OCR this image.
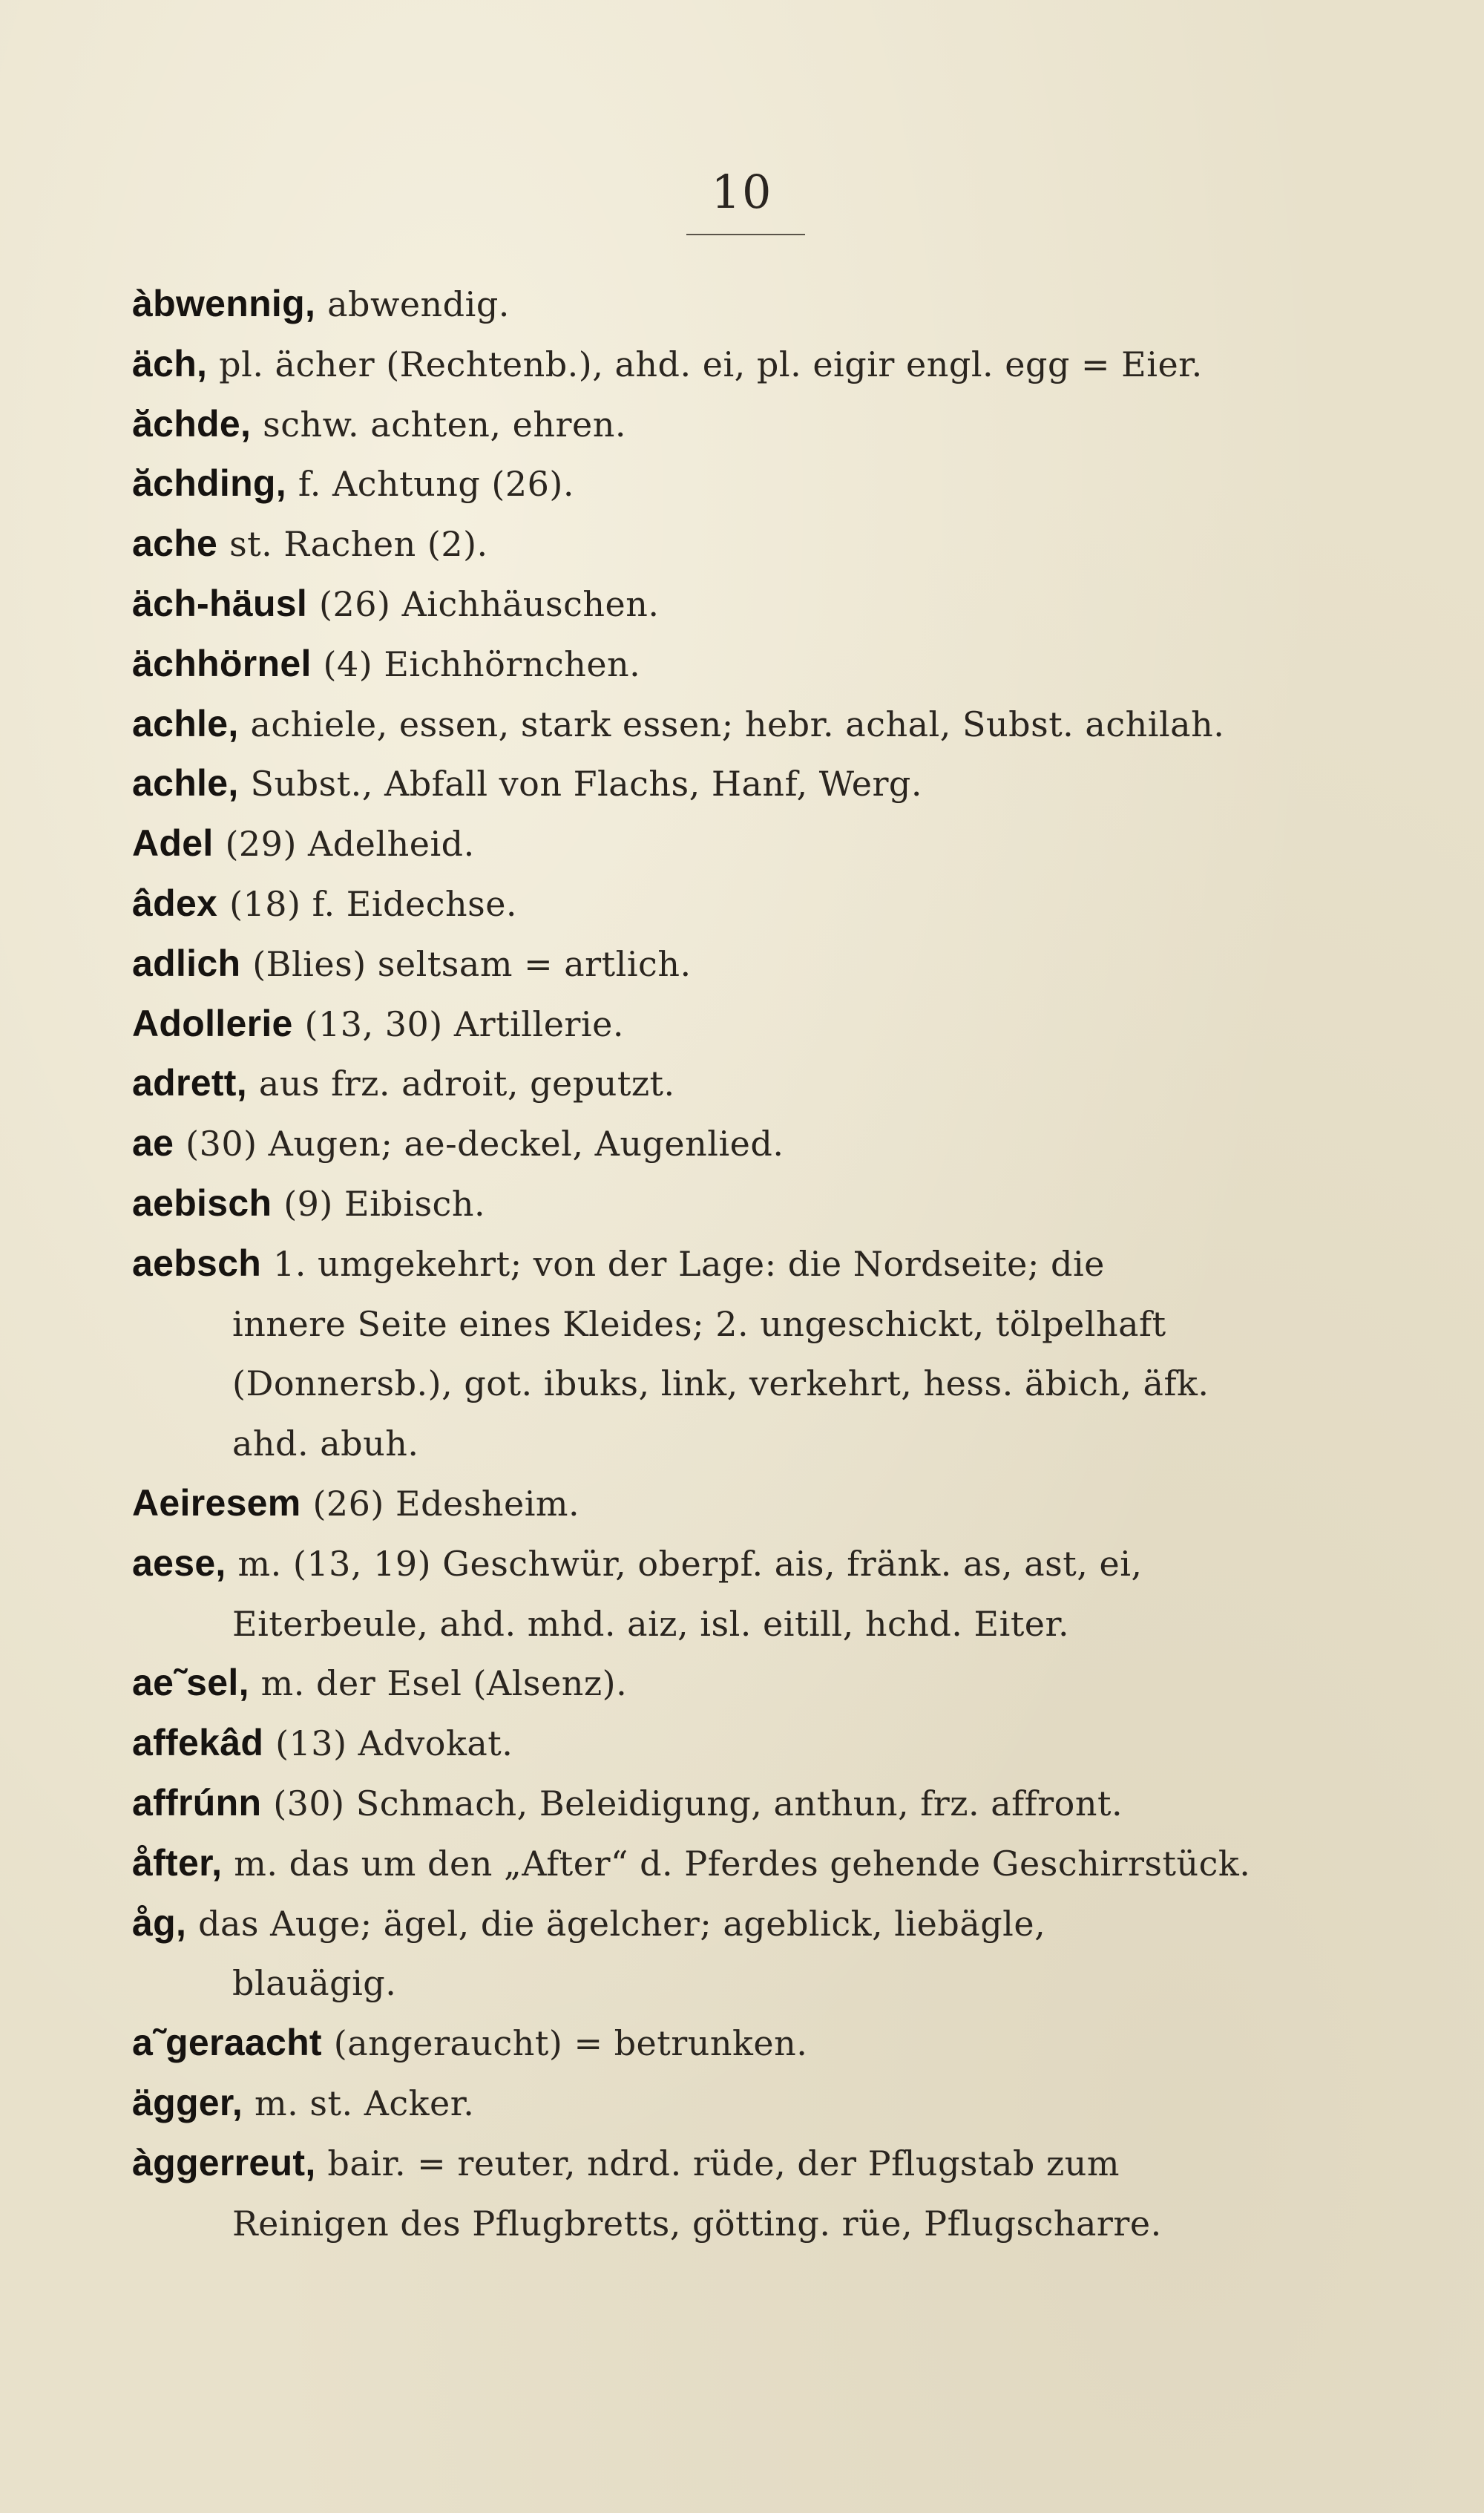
10
àbwennig, abwendig.
äch, pl. ächer (Rechtenb.), ahd. ei, pl. eigir engl. egg = Eier.
ăchde, schw. achten, ehren.
ăchding, f. Achtung (26).
ache st. Rachen (2).
äch-häusl (26) Aichhäuschen.
ächhörnel (4) Eichhörnchen.
achle, achiele, essen, stark essen; hebr. achal, Subst. achilah.
achle, Subst., Abfall von Flachs, Hanf, Werg.
Adel (29) Adelheid.
âdex (18) f. Eidechse.
adlich (Blies) seltsam = artlich.
Adollerie (13, 30) Artillerie.
adrett, aus frz. adroit, geputzt.
ae (30) Augen; ae-deckel, Augenlied.
aebisch (9) Eibisch.
aebsch 1. umgekehrt; von der Lage: die Nordseite; die
innere Seite eines Kleides; 2. ungeschickt, tölpelhaft
(Donnersb.), got. ibuks, link, verkehrt, hess. äbich, äfk.
ahd. abuh.
Aeiresem (26) Edesheim.
aese, m. (13, 19) Geschwür, oberpf. ais, fränk. as, ast, ei,
Eiterbeule, ahd. mhd. aiz, isl. eitill, hchd. Eiter.
ae˜sel, m. der Esel (Alsenz).
affekâd (13) Advokat.
affrúnn (30) Schmach, Beleidigung, anthun, frz. affront.
åfter, m. das um den „After“ d. Pferdes gehende Geschirrstück.
åg, das Auge; ägel, die ägelcher; ageblick, liebägle,
blauägig.
a˜geraacht (angeraucht) = betrunken.
ägger, m. st. Acker.
àggerreut, bair. = reuter, ndrd. rüde, der Pflugstab zum
Reinigen des Pflugbretts, götting. rüe, Pflugscharre.
